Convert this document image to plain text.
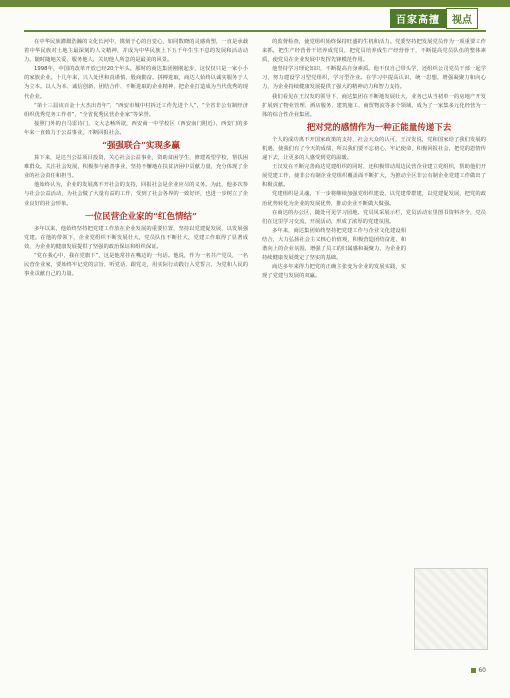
百家高擅	视点

在中华民族灌溉浩瀚的文化长河中，镌刻于心的自觉心，如同数晓的灵感荷塑，一直是承载着中华民族对土地主最深刻的人文精神，并成为中华民族上下五千年生生不息的发展和活动动力。随时随地关爱、服务他人，关切他人所急的是最美的风景。

1998年，中国的改革开放已经20个年头。那时的商达集团刚刚起步，这仅仅只是一家小小的家族企业。十几年来，兴人处世和真谨慎，殷商勤奋。拼搏进取，商达人始终以诚实服务于人为立本。以人为本、诚信创新、团结合作、不断进取的企业精神，把企业打造成为当代优秀的现代企业。

“第十三届该百金十大杰出青年”，“西安市城中村拆迁工作先进个人”，“全省非公有制经济组织优秀党务工作者”，“全省优秀民营企业家”等荣誉。

接照门外的自马雷诗门，文大志畅所欲，西安商一中学校区（西安南门附近），西安门的多年来一直致力于公益事业，不断回报社会。

“强强联合”实现多赢

算下来，是达当公益项目投资，关心社会公益事业，资助贫困学生，修建希望学校，帮扶困难群众。关注社会发展，积极参与慈善事业，坚持不懈地在扶贫济困中贡献力量，充分体现了企业的社会责任和担当。

他始终认为，企业的发展离不开社会的支持，回报社会是企业应尽的义务。为此，他多次参与社会公益活动，为社会做了大量有益的工作，受到了社会各界的一致好评，也进一步树立了企业良好的社会形象。

一位民营企业家的“红色情结”

多年以来，他始终坚持把党建工作放在企业发展的重要位置，坚持以党建促发展，以发展强党建。在他的带领下，企业党组织不断发展壮大，党员队伍不断壮大，党建工作取得了显著成效，为企业的健康发展提供了坚强的政治保证和组织保证。

“党在我心中，我在党旗下”，这是他常挂在嘴边的一句话。他说，作为一名共产党员，一名民营企业家，要始终牢记党的宗旨，听党话、跟党走，用实际行动践行入党誓言，为党和人民的事业贡献自己的力量。

的监督检查，使党组织始终保持旺盛的生机和活力。党委坚持把发展党员作为一项重要工作来抓，把生产经营骨干培养成党员，把党员培养成生产经营骨干，不断提高党员队伍的整体素质，使党员在企业发展中发挥先锋模范作用。

他坚持学习理论知识，不断提高自身素质。他不仅自己带头学，还组织公司党员干部一起学习，努力建设学习型党组织，学习型企业。在学习中提高认识，统一思想，增强凝聚力和向心力，为企业持续健康发展提供了强大的精神动力和智力支持。

我们看见在王汉发的领导下，商达集团在不断地发展壮大，业务已从当初单一的房地产开发扩展到了物业管理、酒店服务、建筑施工、商贸物流等多个领域，成为了一家集多元化经营为一体的综合性企业集团。

把对党的感情作为一种正能量传递下去

个人的成功离不开国家政策的支持，社会大众的认可，王汉发说，党和国家给了我们发展的机遇，使我们有了今天的成绩，所以我们要不忘初心，牢记使命，积极回报社会，把党的恩情传递下去，让更多的人感受到党的温暖。

王汉发在不断完善商达党建组织的同时，还积极带动周边民营企业建立党组织，帮助他们开展党建工作，使非公有制企业党组织覆盖面不断扩大，为推动全区非公有制企业党建工作做出了积极贡献。

党建组织是灵魂，下一步将继续加强党组织建设，以党建带群建，以党建促发展，把党的政治优势转化为企业的发展优势，推动企业不断做大做强。

在商达的办公区，随处可见学习园地、党员风采展示栏，党员活动室里图书资料齐全，党员们在这里学习交流，开展活动，形成了浓厚的党建氛围。

多年来，商达集团始终坚持把党建工作与企业文化建设相结合，大力弘扬社会主义核心价值观，积极营造团结奋进、和谐向上的企业氛围，增强了员工的归属感和凝聚力，为企业的持续健康发展奠定了坚实的基础。

商达多年来得力把党的正确主张变为企业的发展实践，实现了党建与发展的双赢。

60
